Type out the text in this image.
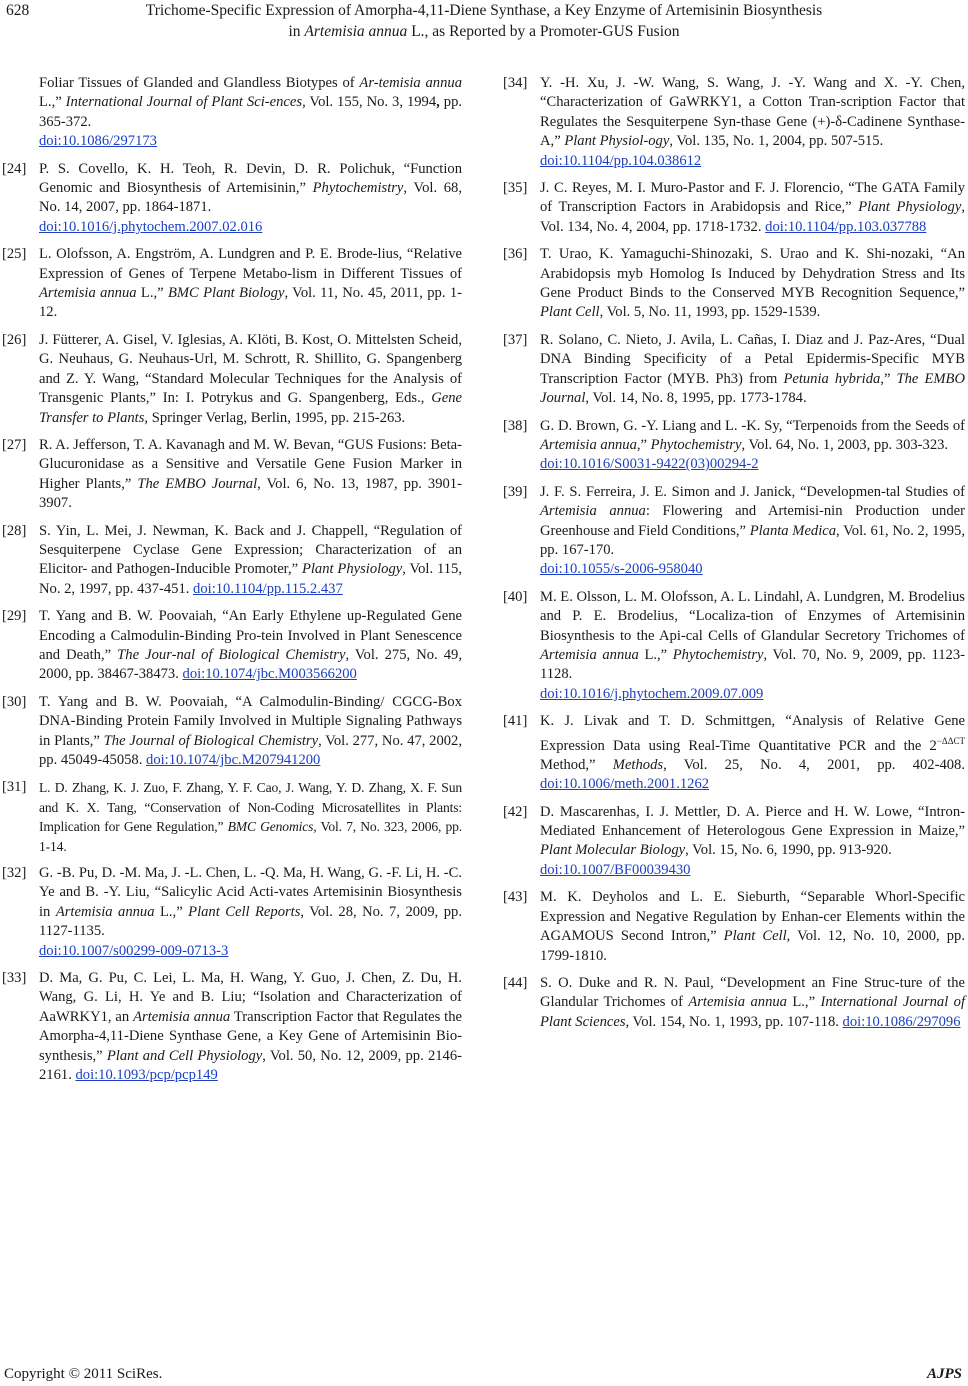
628	Trichome-Specific Expression of Amorpha-4,11-Diene Synthase, a Key Enzyme of Artemisinin Biosynthesis

in Artemisia annua L., as Reported by a Promoter-GUS Fusion

Foliar Tissues of Glanded and Glandless Biotypes of Ar-temisia annua L.,” International Journal of Plant Sci-ences, Vol. 155, No. 3, 1994, pp. 365-372.
doi:10.1086/297173
[24] P. S. Covello, K. H. Teoh, R. Devin, D. R. Polichuk, “Function Genomic and Biosynthesis of Artemisinin,” Phytochemistry, Vol. 68, No. 14, 2007, pp. 1864-1871.
doi:10.1016/j.phytochem.2007.02.016
[25] L. Olofsson, A. Engström, A. Lundgren and P. E. Brode-lius, “Relative Expression of Genes of Terpene Metabo-lism in Different Tissues of Artemisia annua L.,” BMC Plant Biology, Vol. 11, No. 45, 2011, pp. 1-12.
[26] J. Fütterer, A. Gisel, V. Iglesias, A. Klöti, B. Kost, O. Mittelsten Scheid, G. Neuhaus, G. Neuhaus-Url, M. Schrott, R. Shillito, G. Spangenberg and Z. Y. Wang, “Standard Molecular Techniques for the Analysis of Transgenic Plants,” In: I. Potrykus and G. Spangenberg, Eds., Gene Transfer to Plants, Springer Verlag, Berlin, 1995, pp. 215-263.
[27] R. A. Jefferson, T. A. Kavanagh and M. W. Bevan, “GUS Fusions: Beta-Glucuronidase as a Sensitive and Versatile Gene Fusion Marker in Higher Plants,” The EMBO Journal, Vol. 6, No. 13, 1987, pp. 3901-3907.
[28] S. Yin, L. Mei, J. Newman, K. Back and J. Chappell, “Regulation of Sesquiterpene Cyclase Gene Expression; Characterization of an Elicitor- and Pathogen-Inducible Promoter,” Plant Physiology, Vol. 115, No. 2, 1997, pp. 437-451. doi:10.1104/pp.115.2.437
[29] T. Yang and B. W. Poovaiah, “An Early Ethylene up-Regulated Gene Encoding a Calmodulin-Binding Pro-tein Involved in Plant Senescence and Death,” The Jour-nal of Biological Chemistry, Vol. 275, No. 49, 2000, pp. 38467-38473. doi:10.1074/jbc.M003566200
[30] T. Yang and B. W. Poovaiah, “A Calmodulin-Binding/ CGCG-Box DNA-Binding Protein Family Involved in Multiple Signaling Pathways in Plants,” The Journal of Biological Chemistry, Vol. 277, No. 47, 2002, pp. 45049-45058. doi:10.1074/jbc.M207941200
[31] L. D. Zhang, K. J. Zuo, F. Zhang, Y. F. Cao, J. Wang, Y. D. Zhang, X. F. Sun and K. X. Tang, “Conservation of Non-Coding Microsatellites in Plants: Implication for Gene Regulation,” BMC Genomics, Vol. 7, No. 323, 2006, pp. 1-14.
[32] G. -B. Pu, D. -M. Ma, J. -L. Chen, L. -Q. Ma, H. Wang, G. -F. Li, H. -C. Ye and B. -Y. Liu, “Salicylic Acid Acti-vates Artemisinin Biosynthesis in Artemisia annua L.,” Plant Cell Reports, Vol. 28, No. 7, 2009, pp. 1127-1135.
doi:10.1007/s00299-009-0713-3
[33] D. Ma, G. Pu, C. Lei, L. Ma, H. Wang, Y. Guo, J. Chen, Z. Du, H. Wang, G. Li, H. Ye and B. Liu; “Isolation and Characterization of AaWRKY1, an Artemisia annua Transcription Factor that Regulates the Amorpha-4,11-Diene Synthase Gene, a Key Gene of Artemisinin Bio-synthesis,” Plant and Cell Physiology, Vol. 50, No. 12, 2009, pp. 2146-2161. doi:10.1093/pcp/pcp149
[34] Y. -H. Xu, J. -W. Wang, S. Wang, J. -Y. Wang and X. -Y. Chen, “Characterization of GaWRKY1, a Cotton Tran-scription Factor that Regulates the Sesquiterpene Syn-thase Gene (+)-δ-Cadinene Synthase-A,” Plant Physiol-ogy, Vol. 135, No. 1, 2004, pp. 507-515.
doi:10.1104/pp.104.038612
[35] J. C. Reyes, M. I. Muro-Pastor and F. J. Florencio, “The GATA Family of Transcription Factors in Arabidopsis and Rice,” Plant Physiology, Vol. 134, No. 4, 2004, pp. 1718-1732. doi:10.1104/pp.103.037788
[36] T. Urao, K. Yamaguchi-Shinozaki, S. Urao and K. Shi-nozaki, “An Arabidopsis myb Homolog Is Induced by Dehydration Stress and Its Gene Product Binds to the Conserved MYB Recognition Sequence,” Plant Cell, Vol. 5, No. 11, 1993, pp. 1529-1539.
[37] R. Solano, C. Nieto, J. Avila, L. Cañas, I. Diaz and J. Paz-Ares, “Dual DNA Binding Specificity of a Petal Epidermis-Specific MYB Transcription Factor (MYB. Ph3) from Petunia hybrida,” The EMBO Journal, Vol. 14, No. 8, 1995, pp. 1773-1784.
[38] G. D. Brown, G. -Y. Liang and L. -K. Sy, “Terpenoids from the Seeds of Artemisia annua,” Phytochemistry, Vol. 64, No. 1, 2003, pp. 303-323.
doi:10.1016/S0031-9422(03)00294-2
[39] J. F. S. Ferreira, J. E. Simon and J. Janick, “Developmen-tal Studies of Artemisia annua: Flowering and Artemisi-nin Production under Greenhouse and Field Conditions,” Planta Medica, Vol. 61, No. 2, 1995, pp. 167-170.
doi:10.1055/s-2006-958040
[40] M. E. Olsson, L. M. Olofsson, A. L. Lindahl, A. Lundgren, M. Brodelius and P. E. Brodelius, “Localiza-tion of Enzymes of Artemisinin Biosynthesis to the Api-cal Cells of Glandular Secretory Trichomes of Artemisia annua L.,” Phytochemistry, Vol. 70, No. 9, 2009, pp. 1123-1128.
doi:10.1016/j.phytochem.2009.07.009
[41] K. J. Livak and T. D. Schmittgen, “Analysis of Relative Gene Expression Data using Real-Time Quantitative PCR and the $2^{-\Delta\Delta CT}$ Method,” Methods, Vol. 25, No. 4, 2001, pp. 402-408. doi:10.1006/meth.2001.1262
[42] D. Mascarenhas, I. J. Mettler, D. A. Pierce and H. W. Lowe, “Intron-Mediated Enhancement of Heterologous Gene Expression in Maize,” Plant Molecular Biology, Vol. 15, No. 6, 1990, pp. 913-920.
doi:10.1007/BF00039430
[43] M. K. Deyholos and L. E. Sieburth, “Separable Whorl-Specific Expression and Negative Regulation by Enhan-cer Elements within the AGAMOUS Second Intron,” Plant Cell, Vol. 12, No. 10, 2000, pp. 1799-1810.
[44] S. O. Duke and R. N. Paul, “Development an Fine Struc-ture of the Glandular Trichomes of Artemisia annua L.,” International Journal of Plant Sciences, Vol. 154, No. 1, 1993, pp. 107-118. doi:10.1086/297096
Copyright © 2011 SciRes.	AJPS
